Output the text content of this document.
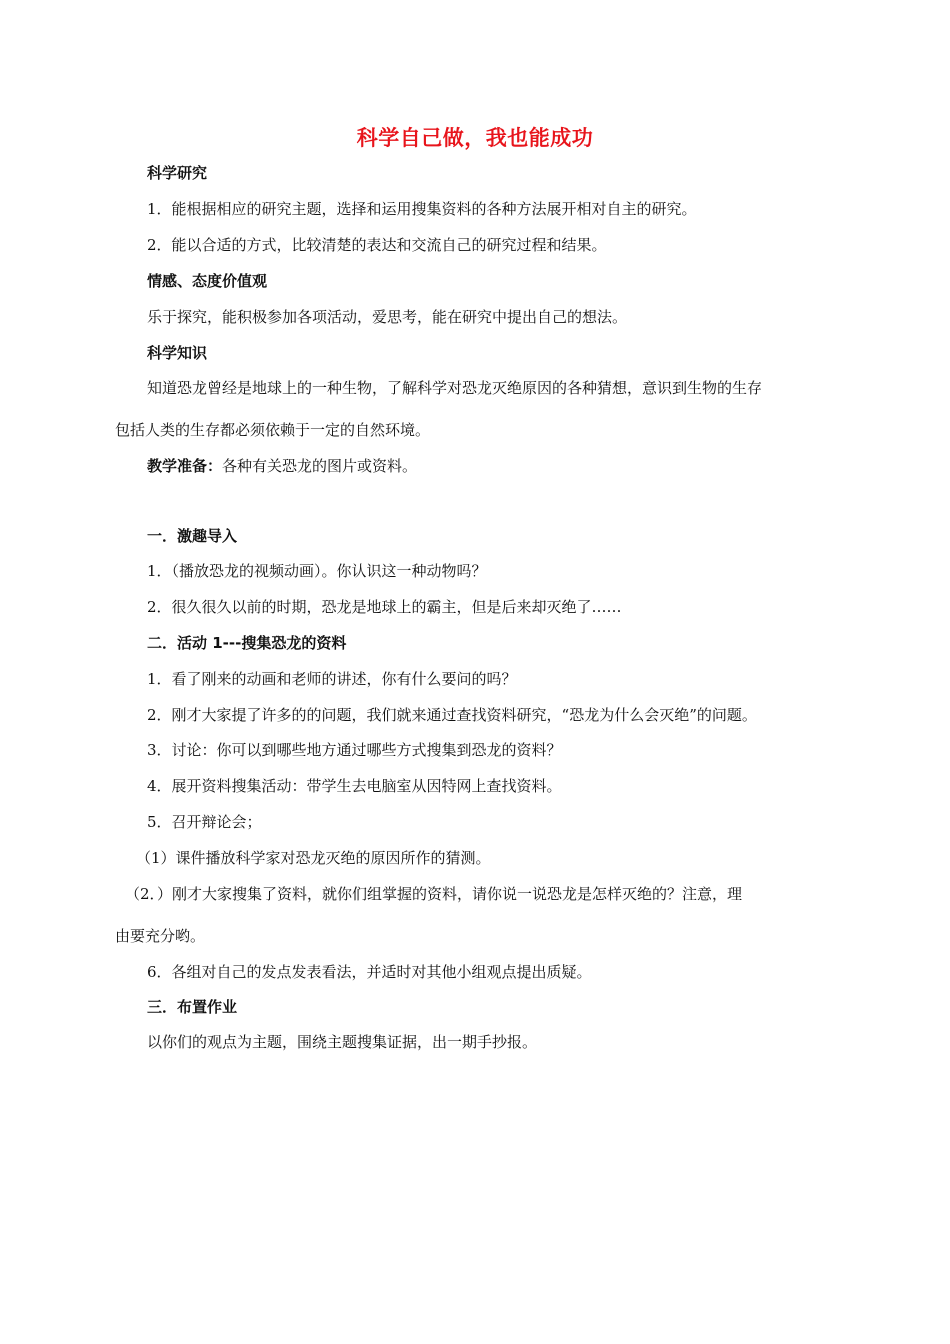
科学自己做，我也能成功
科学研究
1．能根据相应的研究主题，选择和运用搜集资料的各种方法展开相对自主的研究。
2．能以合适的方式，比较清楚的表达和交流自己的研究过程和结果。
情感、态度价值观
乐于探究，能积极参加各项活动，爱思考，能在研究中提出自己的想法。
科学知识
知道恐龙曾经是地球上的一种生物，了解科学对恐龙灭绝原因的各种猜想，意识到生物的生存
包括人类的生存都必须依赖于一定的自然环境。
教学准备：各种有关恐龙的图片或资料。
一．激趣导入
1．（播放恐龙的视频动画）。你认识这一种动物吗？
2．很久很久以前的时期，恐龙是地球上的霸主，但是后来却灭绝了……
二．活动 1---搜集恐龙的资料
1．看了刚来的动画和老师的讲述，你有什么要问的吗？
2．刚才大家提了许多的的问题，我们就来通过查找资料研究，“恐龙为什么会灭绝”的问题。
3．讨论：你可以到哪些地方通过哪些方式搜集到恐龙的资料？
4．展开资料搜集活动：带学生去电脑室从因特网上查找资料。
5．召开辩论会；
（1）课件播放科学家对恐龙灭绝的原因所作的猜测。
（2．）刚才大家搜集了资料，就你们组掌握的资料，请你说一说恐龙是怎样灭绝的？注意，理
由要充分哟。
6．各组对自己的发点发表看法，并适时对其他小组观点提出质疑。
三．布置作业
以你们的观点为主题，围绕主题搜集证据，出一期手抄报。
